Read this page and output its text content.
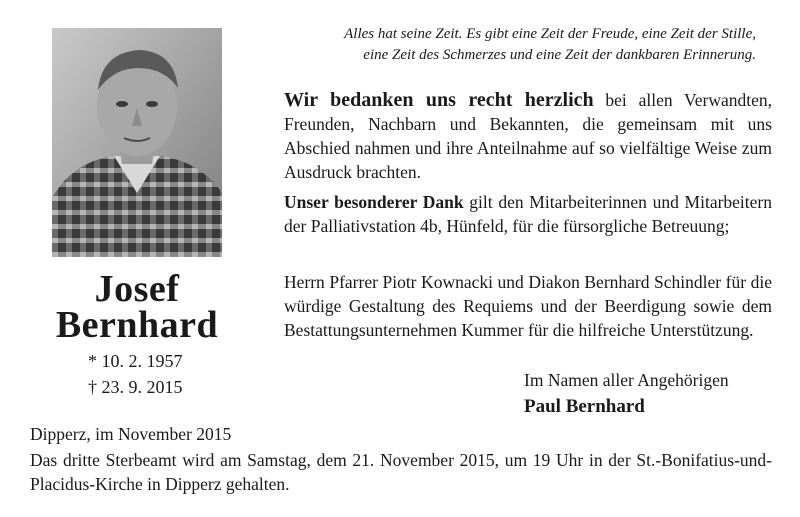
Josef
Bernhard
* 10. 2. 1957
† 23. 9. 2015
Alles hat seine Zeit. Es gibt eine Zeit der Freude, eine Zeit der Stille,
eine Zeit des Schmerzes und eine Zeit der dankbaren Erinnerung.
Wir bedanken uns recht herzlich bei allen Verwandten, Freunden, Nachbarn und Bekannten, die gemeinsam mit uns Abschied nahmen und ihre Anteilnahme auf so vielfältige Weise zum Ausdruck brachten.
Unser besonderer Dank gilt den Mitarbeiterinnen und Mitarbeitern der Palliativstation 4b, Hünfeld, für die fürsorgliche Betreuung;
Herrn Pfarrer Piotr Kownacki und Diakon Bernhard Schindler für die würdige Gestaltung des Requiems und der Beerdigung sowie dem Bestattungsunternehmen Kummer für die hilfreiche Unterstützung.
Im Namen aller Angehörigen
Paul Bernhard
Dipperz, im November 2015
Das dritte Sterbeamt wird am Samstag, dem 21. November 2015, um 19 Uhr in der St.-Bonifatius-und-Placidus-Kirche in Dipperz gehalten.
